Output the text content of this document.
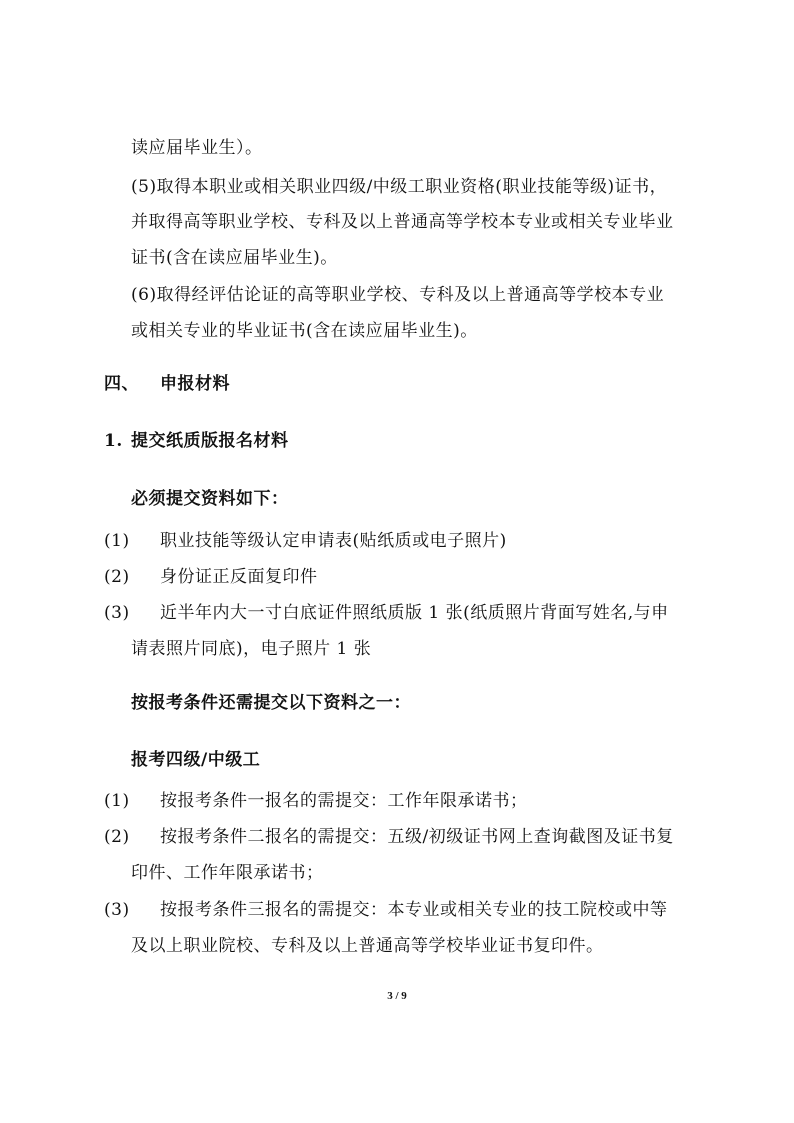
读应届毕业生）。
(5)取得本职业或相关职业四级/中级工职业资格(职业技能等级)证书，
并取得高等职业学校、专科及以上普通高等学校本专业或相关专业毕业
证书(含在读应届毕业生)。
(6)取得经评估论证的高等职业学校、专科及以上普通高等学校本专业
或相关专业的毕业证书(含在读应届毕业生)。
四、 申报材料
1. 提交纸质版报名材料
必须提交资料如下：
(1) 职业技能等级认定申请表(贴纸质或电子照片)
(2) 身份证正反面复印件
(3) 近半年内大一寸白底证件照纸质版 1 张(纸质照片背面写姓名,与申
请表照片同底)，电子照片 1 张
按报考条件还需提交以下资料之一：
报考四级/中级工
(1) 按报考条件一报名的需提交：工作年限承诺书；
(2) 按报考条件二报名的需提交：五级/初级证书网上查询截图及证书复
印件、工作年限承诺书；
(3) 按报考条件三报名的需提交：本专业或相关专业的技工院校或中等
及以上职业院校、专科及以上普通高等学校毕业证书复印件。
3 / 9
